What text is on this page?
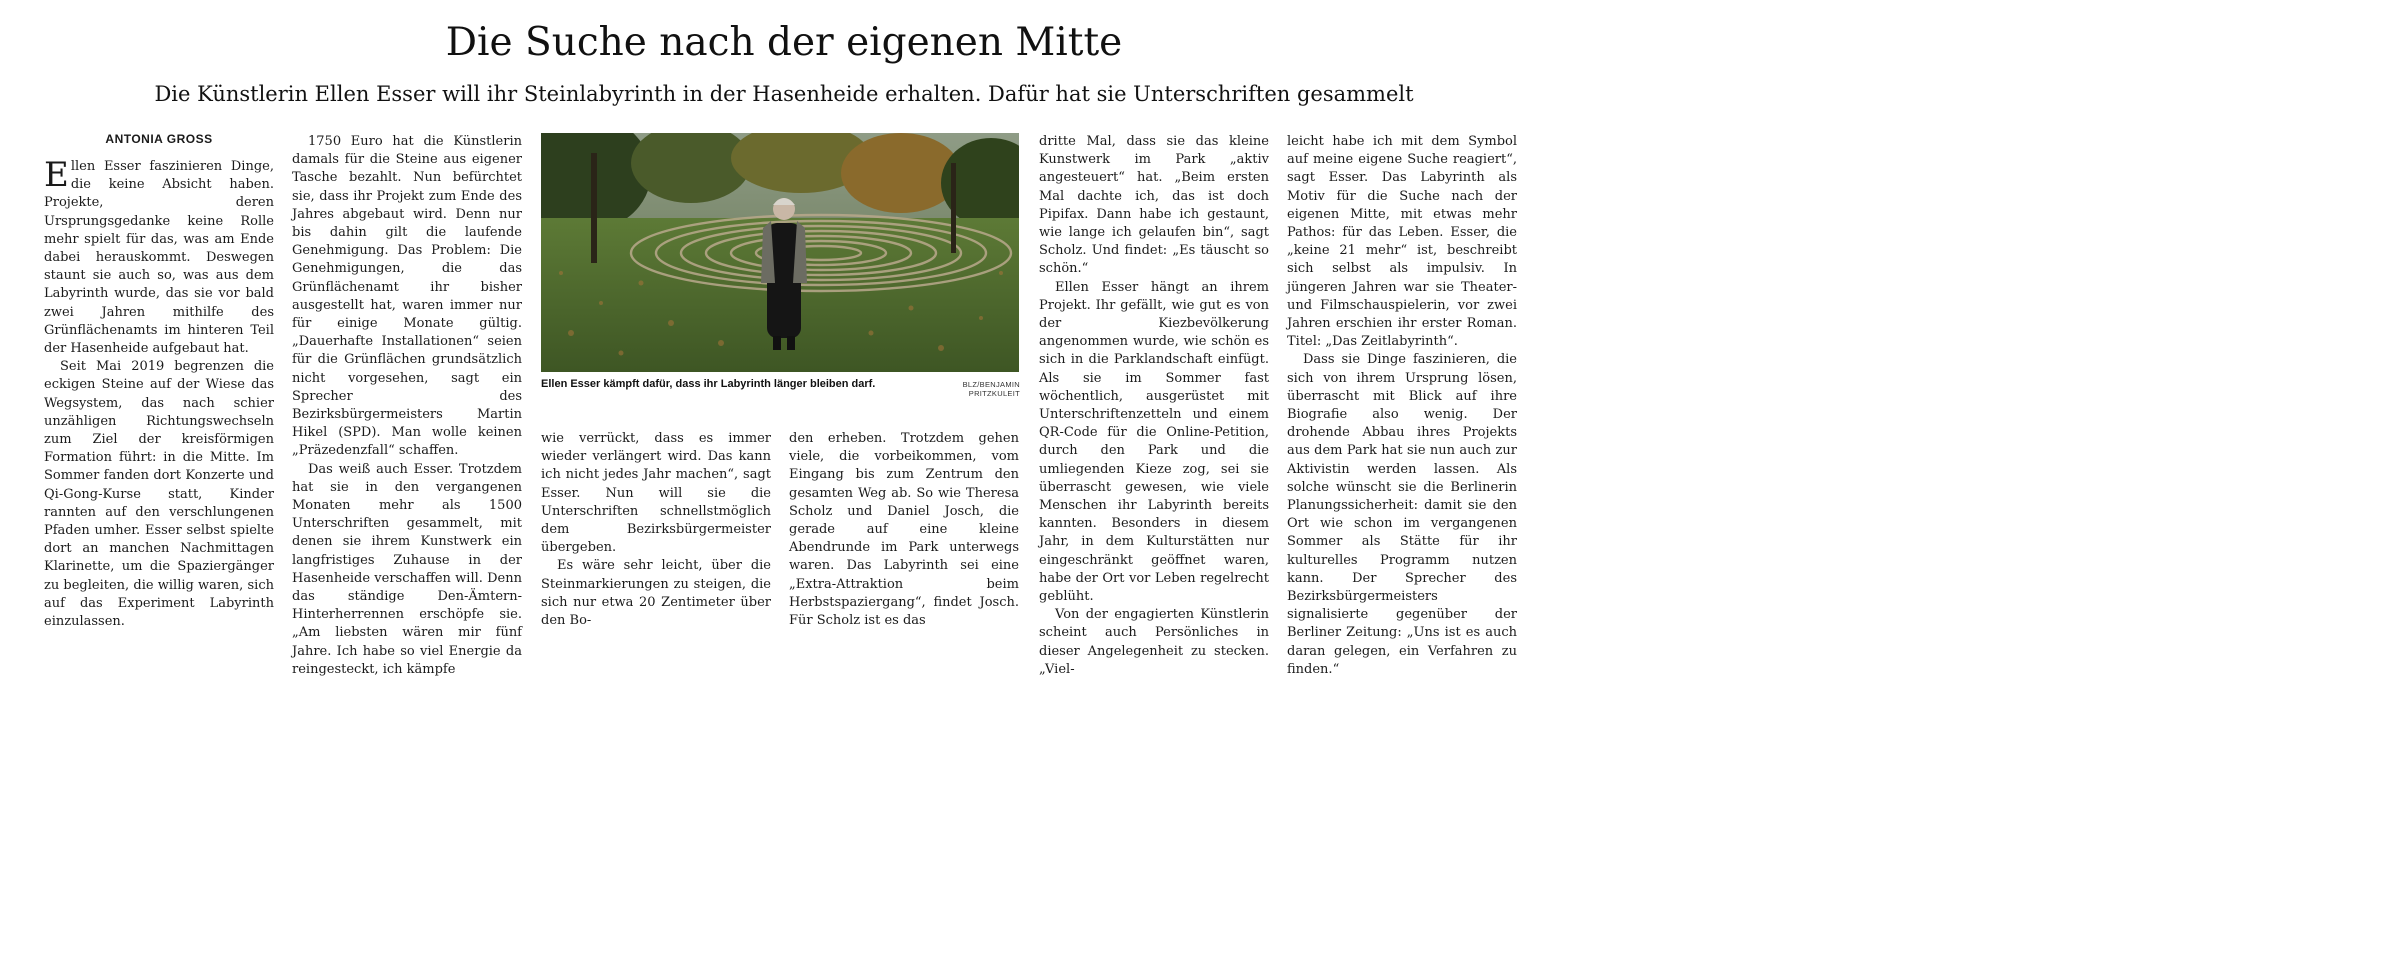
Die Suche nach der eigenen Mitte
Die Künstlerin Ellen Esser will ihr Steinlabyrinth in der Hasenheide erhalten. Dafür hat sie Unterschriften gesammelt
ANTONIA GROSS

Ellen Esser faszinieren Dinge, die keine Absicht haben. Projekte, deren Ursprungsgedanke keine Rolle mehr spielt für das, was am Ende dabei herauskommt. Deswegen staunt sie auch so, was aus dem Labyrinth wurde, das sie vor bald zwei Jahren mithilfe des Grünflächenamts im hinteren Teil der Hasenheide aufgebaut hat.

Seit Mai 2019 begrenzen die eckigen Steine auf der Wiese das Wegsystem, das nach schier unzähligen Richtungswechseln zum Ziel der kreisförmigen Formation führt: in die Mitte. Im Sommer fanden dort Konzerte und Qi-Gong-Kurse statt, Kinder rannten auf den verschlungenen Pfaden umher. Esser selbst spielte dort an manchen Nachmittagen Klarinette, um die Spaziergänger zu begleiten, die willig waren, sich auf das Experiment Labyrinth einzulassen.

1750 Euro hat die Künstlerin damals für die Steine aus eigener Tasche bezahlt. Nun befürchtet sie, dass ihr Projekt zum Ende des Jahres abgebaut wird. Denn nur bis dahin gilt die laufende Genehmigung. Das Problem: Die Genehmigungen, die das Grünflächenamt ihr bisher ausgestellt hat, waren immer nur für einige Monate gültig. „Dauerhafte Installationen“ seien für die Grünflächen grundsätzlich nicht vorgesehen, sagt ein Sprecher des Bezirksbürgermeisters Martin Hikel (SPD). Man wolle keinen „Präzedenzfall“ schaffen.

Das weiß auch Esser. Trotzdem hat sie in den vergangenen Monaten mehr als 1500 Unterschriften gesammelt, mit denen sie ihrem Kunstwerk ein langfristiges Zuhause in der Hasenheide verschaffen will. Denn das ständige Den-Ämtern-Hinterherrennen erschöpfe sie. „Am liebsten wären mir fünf Jahre. Ich habe so viel Energie da reingesteckt, ich kämpfe

Ellen Esser kämpft dafür, dass ihr Labyrinth länger bleiben darf.	BLZ/BENJAMIN PRITZKULEIT

wie verrückt, dass es immer wieder verlängert wird. Das kann ich nicht jedes Jahr machen“, sagt Esser. Nun will sie die Unterschriften schnellstmöglich dem Bezirksbürgermeister übergeben.

Es wäre sehr leicht, über die Steinmarkierungen zu steigen, die sich nur etwa 20 Zentimeter über den Bo-

den erheben. Trotzdem gehen viele, die vorbeikommen, vom Eingang bis zum Zentrum den gesamten Weg ab. So wie Theresa Scholz und Daniel Josch, die gerade auf eine kleine Abendrunde im Park unterwegs waren. Das Labyrinth sei eine „Extra-Attraktion beim Herbstspaziergang“, findet Josch. Für Scholz ist es das

dritte Mal, dass sie das kleine Kunstwerk im Park „aktiv angesteuert“ hat. „Beim ersten Mal dachte ich, das ist doch Pipifax. Dann habe ich gestaunt, wie lange ich gelaufen bin“, sagt Scholz. Und findet: „Es täuscht so schön.“

Ellen Esser hängt an ihrem Projekt. Ihr gefällt, wie gut es von der Kiezbevölkerung angenommen wurde, wie schön es sich in die Parklandschaft einfügt. Als sie im Sommer fast wöchentlich, ausgerüstet mit Unterschriftenzetteln und einem QR-Code für die Online-Petition, durch den Park und die umliegenden Kieze zog, sei sie überrascht gewesen, wie viele Menschen ihr Labyrinth bereits kannten. Besonders in diesem Jahr, in dem Kulturstätten nur eingeschränkt geöffnet waren, habe der Ort vor Leben regelrecht geblüht.

Von der engagierten Künstlerin scheint auch Persönliches in dieser Angelegenheit zu stecken. „Viel-

leicht habe ich mit dem Symbol auf meine eigene Suche reagiert“, sagt Esser. Das Labyrinth als Motiv für die Suche nach der eigenen Mitte, mit etwas mehr Pathos: für das Leben. Esser, die „keine 21 mehr“ ist, beschreibt sich selbst als impulsiv. In jüngeren Jahren war sie Theater- und Filmschauspielerin, vor zwei Jahren erschien ihr erster Roman. Titel: „Das Zeitlabyrinth“.

Dass sie Dinge faszinieren, die sich von ihrem Ursprung lösen, überrascht mit Blick auf ihre Biografie also wenig. Der drohende Abbau ihres Projekts aus dem Park hat sie nun auch zur Aktivistin werden lassen. Als solche wünscht sie die Berlinerin Planungssicherheit: damit sie den Ort wie schon im vergangenen Sommer als Stätte für ihr kulturelles Programm nutzen kann. Der Sprecher des Bezirksbürgermeisters signalisierte gegenüber der Berliner Zeitung: „Uns ist es auch daran gelegen, ein Verfahren zu finden.“
